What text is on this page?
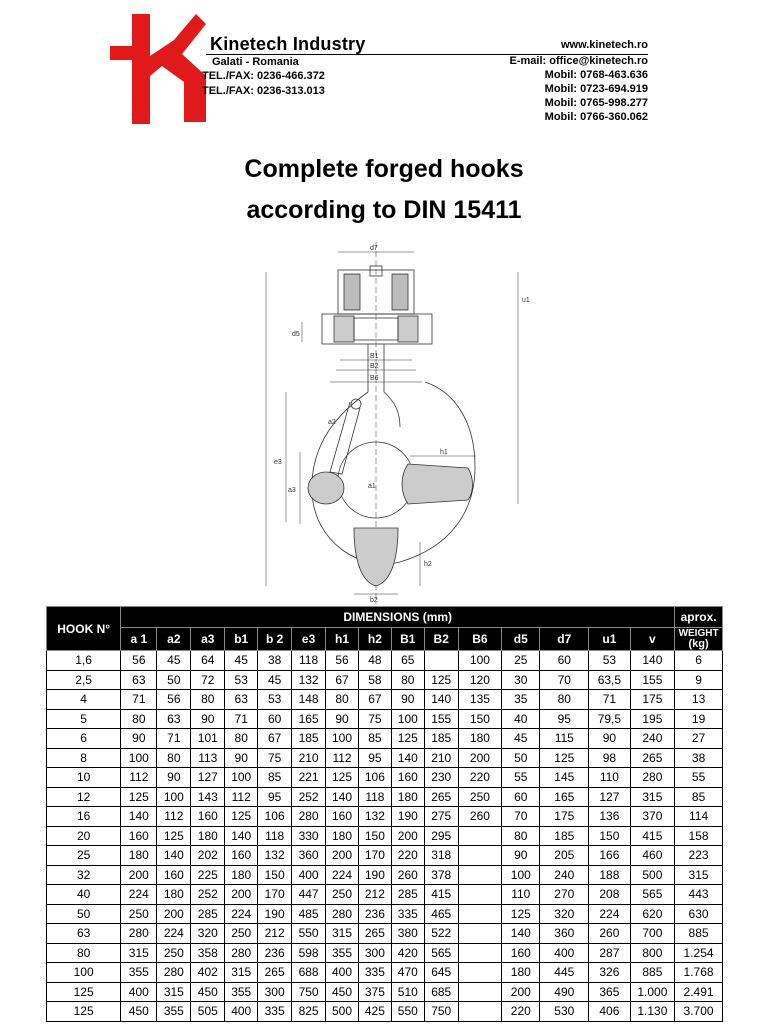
Kinetech Industry
Galati - Romania
TEL./FAX: 0236-466.372
TEL./FAX: 0236-313.013
www.kinetech.ro
E-mail: office@kinetech.ro
Mobil: 0768-463.636
Mobil: 0723-694.919
Mobil: 0765-998.277
Mobil: 0766-360.062
Complete forged hooks
according to DIN 15411
d7
u1
d5
B1
B2
B6
a2
h1
e3
a3
a1
h2
b2
HOOK N°	DIMENSIONS (mm)															aprox.
	a 1	a2	a3	b1	b 2	e3	h1	h2	B1	B2	B6	d5	d7	u1	v	WEIGHT
(kg)
1,6	56	45	64	45	38	118	56	48	65		100	25	60	53	140	6
2,5	63	50	72	53	45	132	67	58	80	125	120	30	70	63,5	155	9
4	71	56	80	63	53	148	80	67	90	140	135	35	80	71	175	13
5	80	63	90	71	60	165	90	75	100	155	150	40	95	79,5	195	19
6	90	71	101	80	67	185	100	85	125	185	180	45	115	90	240	27
8	100	80	113	90	75	210	112	95	140	210	200	50	125	98	265	38
10	112	90	127	100	85	221	125	106	160	230	220	55	145	110	280	55
12	125	100	143	112	95	252	140	118	180	265	250	60	165	127	315	85
16	140	112	160	125	106	280	160	132	190	275	260	70	175	136	370	114
20	160	125	180	140	118	330	180	150	200	295		80	185	150	415	158
25	180	140	202	160	132	360	200	170	220	318		90	205	166	460	223
32	200	160	225	180	150	400	224	190	260	378		100	240	188	500	315
40	224	180	252	200	170	447	250	212	285	415		110	270	208	565	443
50	250	200	285	224	190	485	280	236	335	465		125	320	224	620	630
63	280	224	320	250	212	550	315	265	380	522		140	360	260	700	885
80	315	250	358	280	236	598	355	300	420	565		160	400	287	800	1.254
100	355	280	402	315	265	688	400	335	470	645		180	445	326	885	1.768
125	400	315	450	355	300	750	450	375	510	685		200	490	365	1.000	2.491
125	450	355	505	400	335	825	500	425	550	750		220	530	406	1.130	3.700
